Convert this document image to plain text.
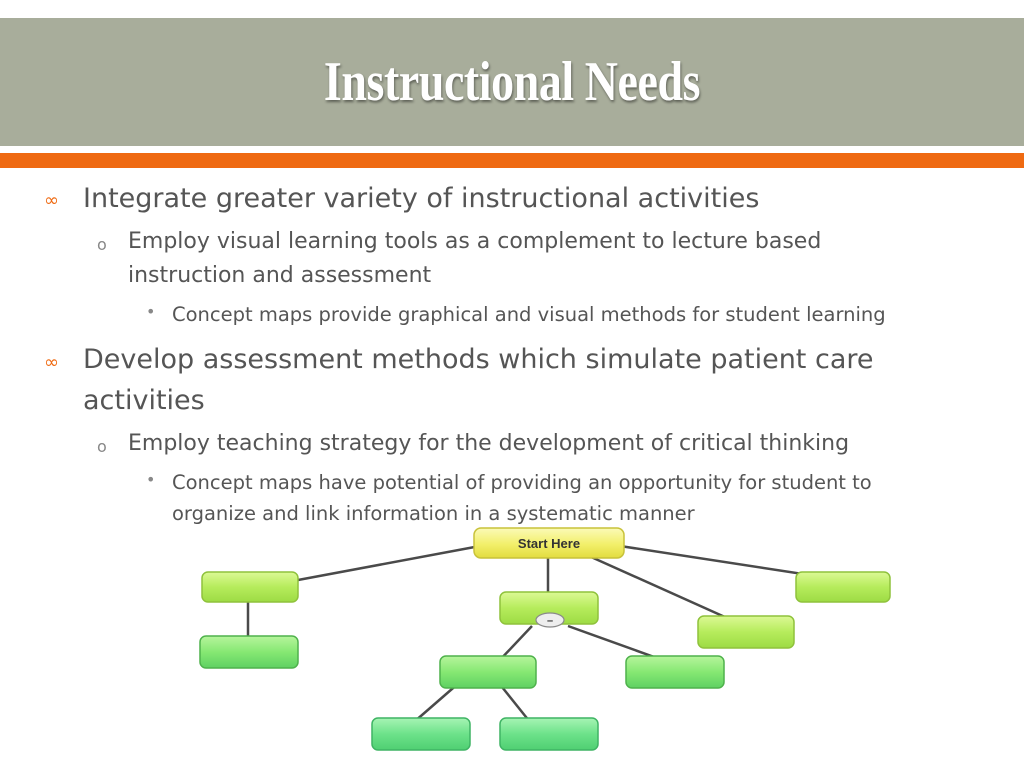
Instructional Needs
∞ Integrate greater variety of instructional activities
o Employ visual learning tools as a complement to lecture based
instruction and assessment
• Concept maps provide graphical and visual methods for student learning
∞ Develop assessment methods which simulate patient care
activities
o Employ teaching strategy for the development of critical thinking
• Concept maps have potential of providing an opportunity for student to
organize and link information in a systematic manner
Start Here
–
